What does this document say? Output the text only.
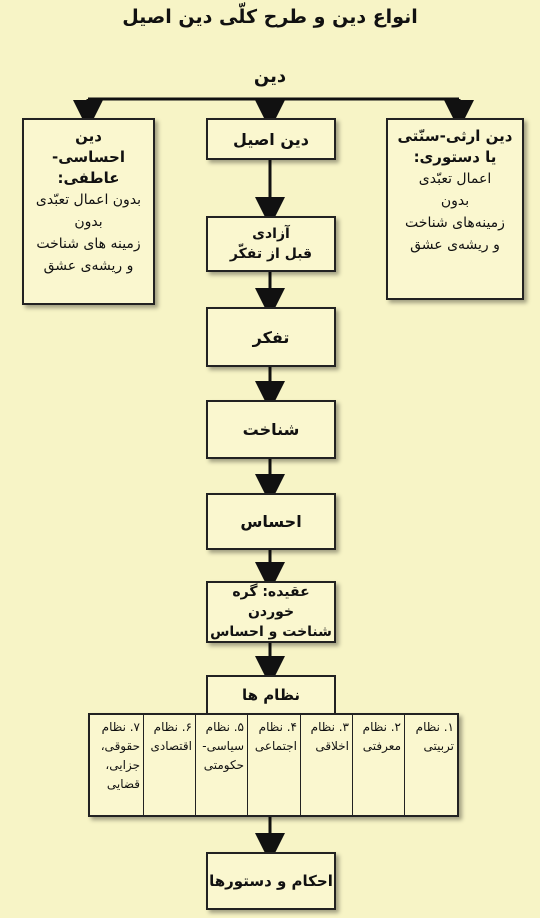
انواع دین و طرح کلّی دین اصیل
دین
دین
احساسی-عاطفی:
بدون اعمال تعبّدی
بدون
زمینه های شناخت
و ریشه‌ی عشق
دین ارثی-سنّتی
یا دستوری:
اعمال تعبّدی
بدون
زمینه‌های شناخت
و ریشه‌ی عشق
دین اصیل
آزادی
قبل از تفکّر
تفکر
شناخت
احساس
عقیده: گره خوردن
شناخت و احساس
نظام ها
۱. نظام
تربیتی
۲. نظام
معرفتی
۳. نظام
اخلاقی
۴. نظام
اجتماعی
۵. نظام
سیاسی-
حکومتی
۶. نظام
اقتصادی
۷. نظام
حقوقی،
جزایی،
قضایی
احکام و دستورها
